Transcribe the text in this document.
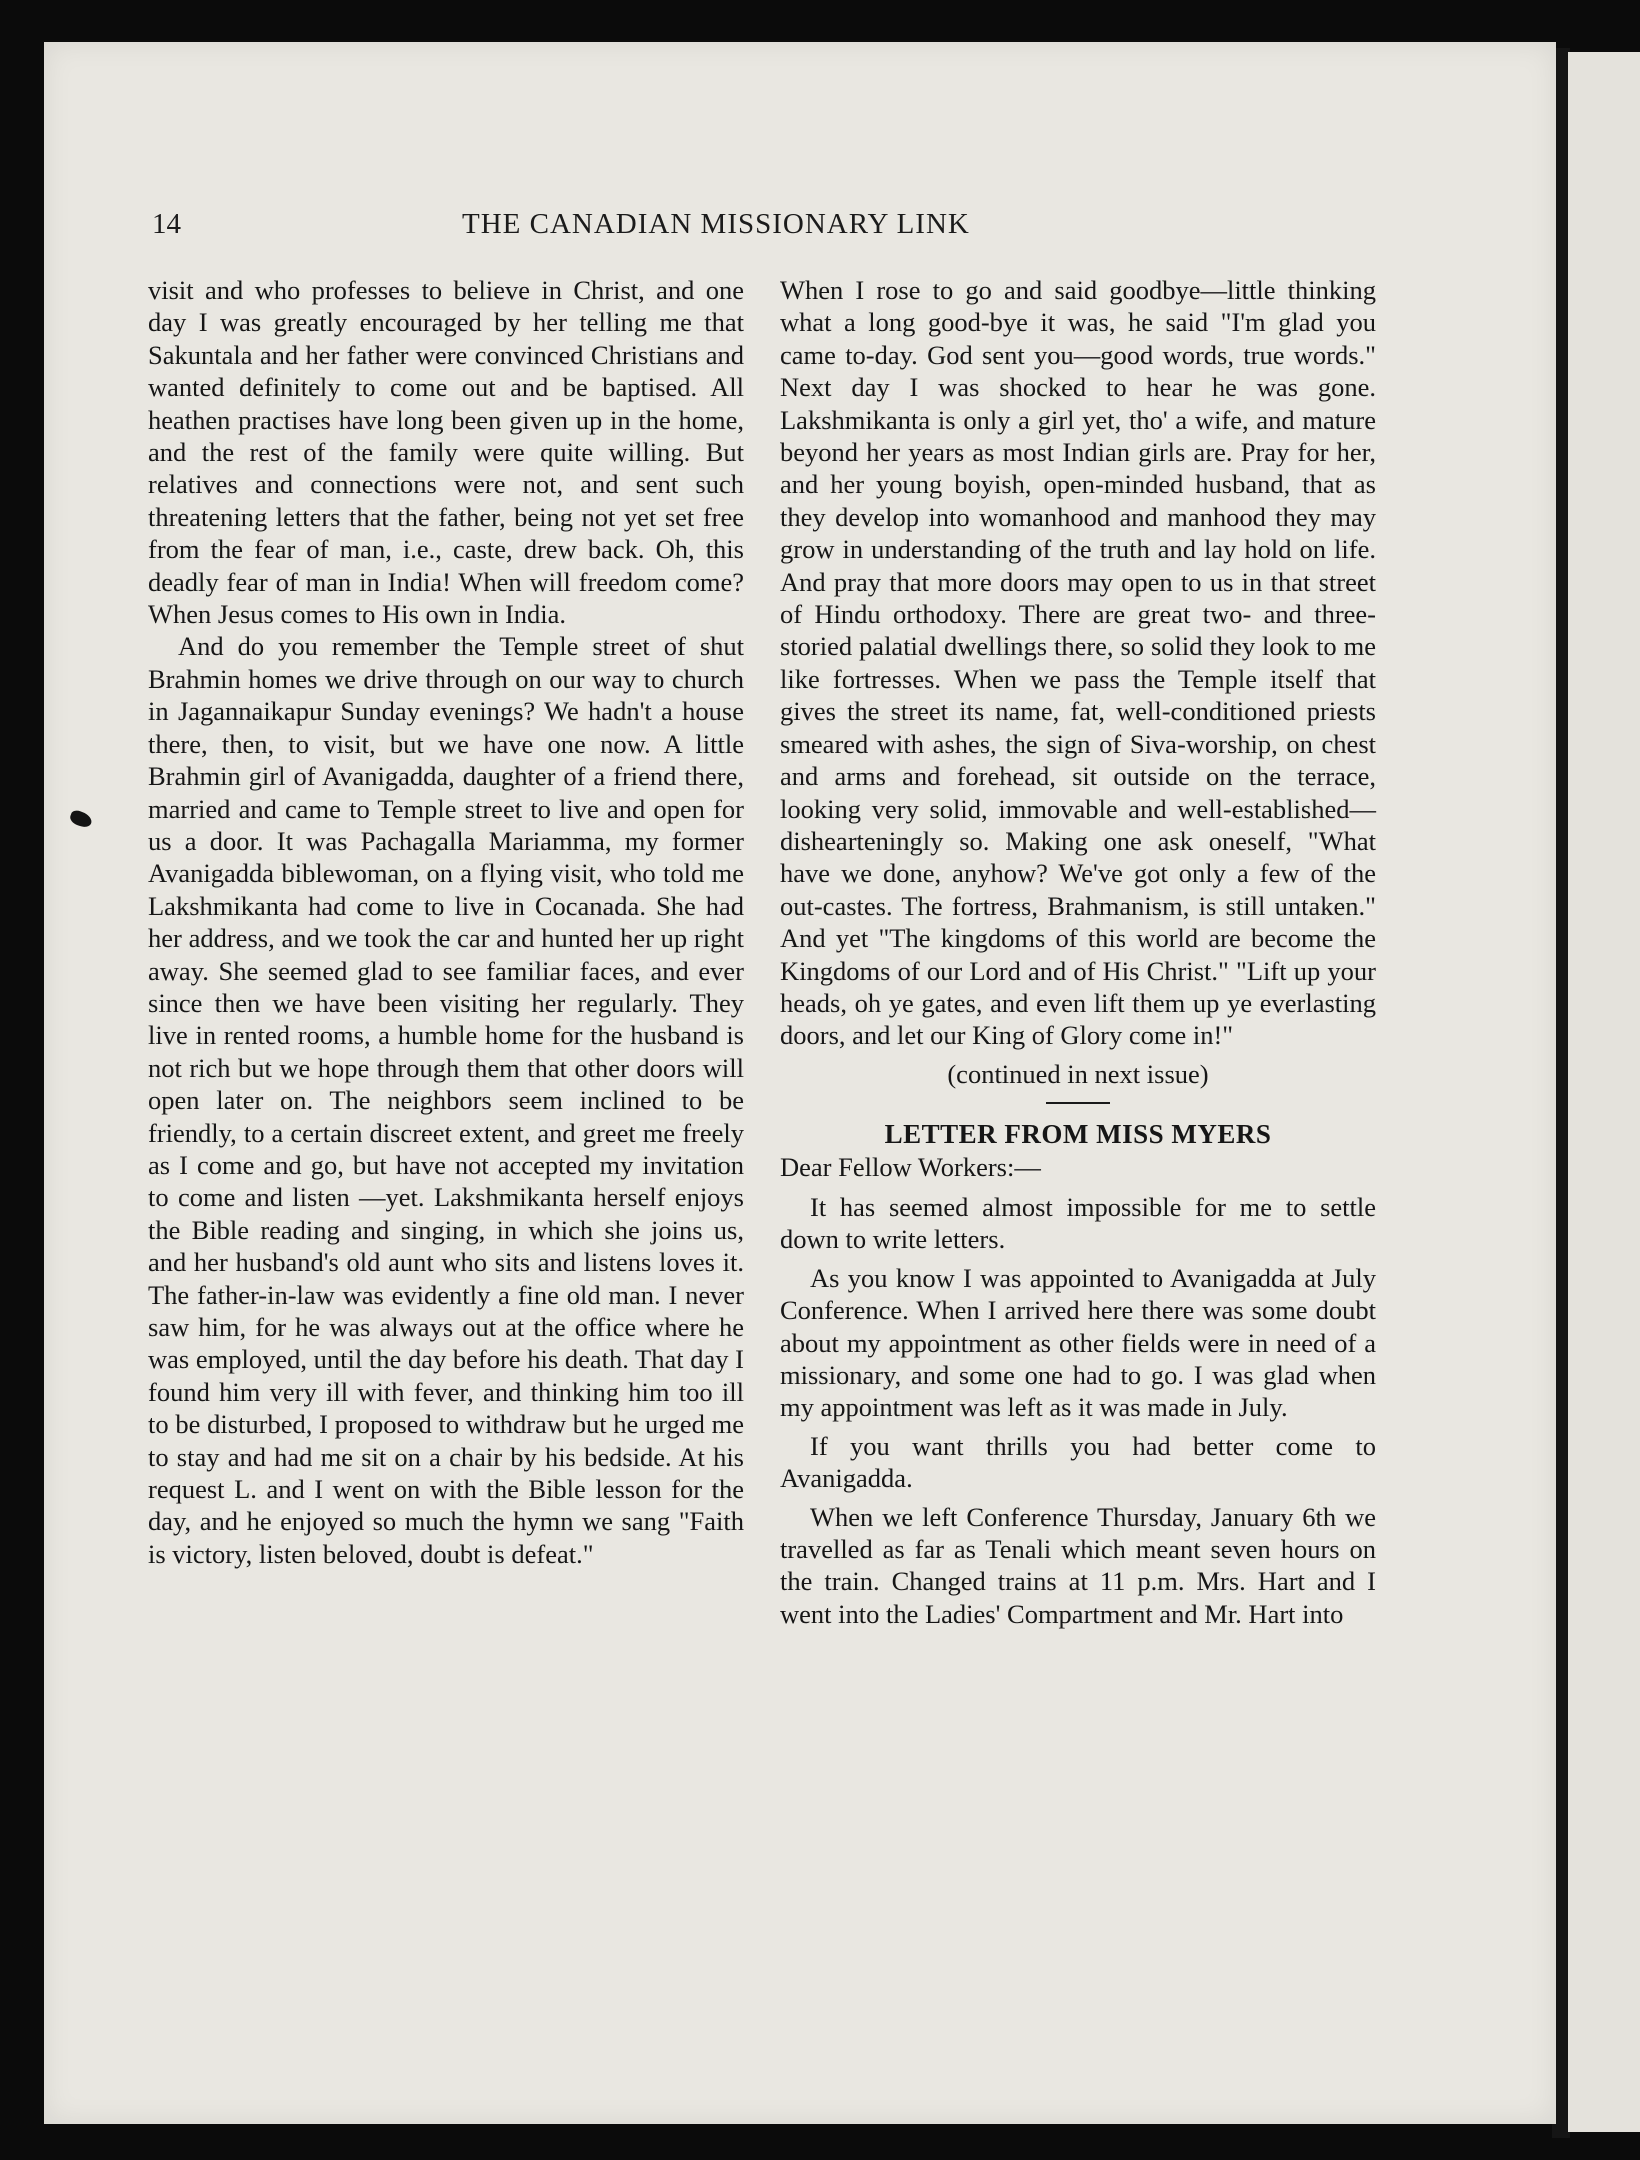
14	THE CANADIAN MISSIONARY LINK

visit and who professes to believe in Christ, and one day I was greatly encouraged by her telling me that Sakuntala and her father were convinced Christians and wanted definitely to come out and be baptised. All heathen practises have long been given up in the home, and the rest of the family were quite willing. But relatives and connections were not, and sent such threatening letters that the father, being not yet set free from the fear of man, i.e., caste, drew back. Oh, this deadly fear of man in India! When will freedom come? When Jesus comes to His own in India.

And do you remember the Temple street of shut Brahmin homes we drive through on our way to church in Jagannaikapur Sunday evenings? We hadn't a house there, then, to visit, but we have one now. A little Brahmin girl of Avanigadda, daughter of a friend there, married and came to Temple street to live and open for us a door. It was Pachagalla Mariamma, my former Avanigadda biblewoman, on a flying visit, who told me Lakshmikanta had come to live in Cocanada. She had her address, and we took the car and hunted her up right away. She seemed glad to see familiar faces, and ever since then we have been visiting her regularly. They live in rented rooms, a humble home for the husband is not rich but we hope through them that other doors will open later on. The neighbors seem inclined to be friendly, to a certain discreet extent, and greet me freely as I come and go, but have not accepted my invitation to come and listen —yet. Lakshmikanta herself enjoys the Bible reading and singing, in which she joins us, and her husband's old aunt who sits and listens loves it. The father-in-law was evidently a fine old man. I never saw him, for he was always out at the office where he was employed, until the day before his death. That day I found him very ill with fever, and thinking him too ill to be disturbed, I proposed to withdraw but he urged me to stay and had me sit on a chair by his bedside. At his request L. and I went on with the Bible lesson for the day, and he enjoyed so much the hymn we sang "Faith is victory, listen beloved, doubt is defeat."

When I rose to go and said goodbye—little thinking what a long good-bye it was, he said "I'm glad you came to-day. God sent you—good words, true words." Next day I was shocked to hear he was gone. Lakshmikanta is only a girl yet, tho' a wife, and mature beyond her years as most Indian girls are. Pray for her, and her young boyish, open-minded husband, that as they develop into womanhood and manhood they may grow in understanding of the truth and lay hold on life. And pray that more doors may open to us in that street of Hindu orthodoxy. There are great two- and three-storied palatial dwellings there, so solid they look to me like fortresses. When we pass the Temple itself that gives the street its name, fat, well-conditioned priests smeared with ashes, the sign of Siva-worship, on chest and arms and forehead, sit outside on the terrace, looking very solid, immovable and well-established—dishearteningly so. Making one ask oneself, "What have we done, anyhow? We've got only a few of the out-castes. The fortress, Brahmanism, is still untaken." And yet "The kingdoms of this world are become the Kingdoms of our Lord and of His Christ." "Lift up your heads, oh ye gates, and even lift them up ye everlasting doors, and let our King of Glory come in!"

(continued in next issue)

LETTER FROM MISS MYERS

Dear Fellow Workers:—

It has seemed almost impossible for me to settle down to write letters.

As you know I was appointed to Avanigadda at July Conference. When I arrived here there was some doubt about my appointment as other fields were in need of a missionary, and some one had to go. I was glad when my appointment was left as it was made in July.

If you want thrills you had better come to Avanigadda.

When we left Conference Thursday, January 6th we travelled as far as Tenali which meant seven hours on the train. Changed trains at 11 p.m. Mrs. Hart and I went into the Ladies' Compartment and Mr. Hart into
